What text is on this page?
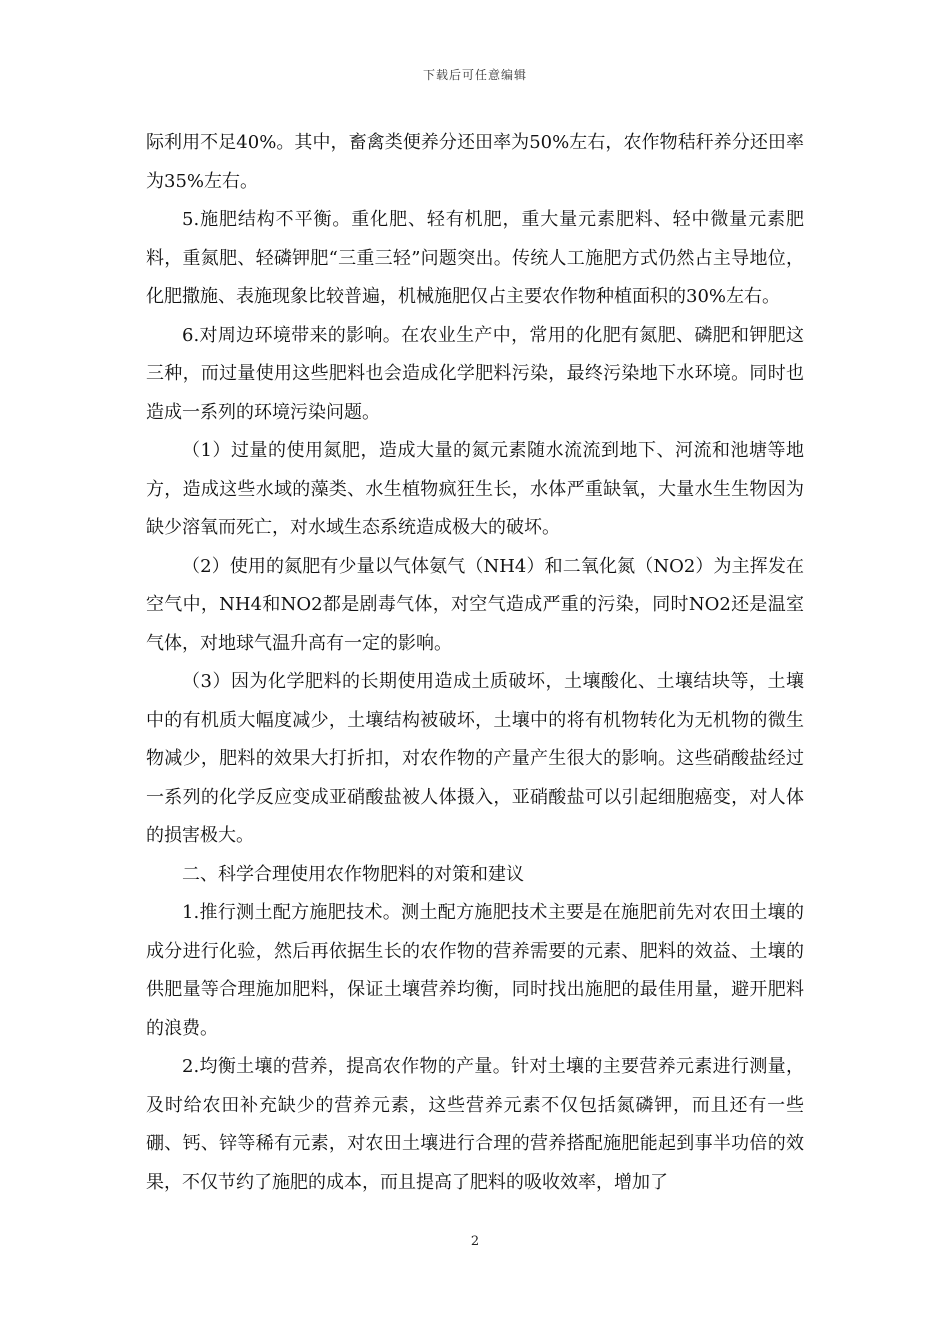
下载后可任意编辑

际利用不足40%。其中，畜禽类便养分还田率为50%左右，农作物秸秆养分还田率为35%左右。

5.施肥结构不平衡。重化肥、轻有机肥，重大量元素肥料、轻中微量元素肥料，重氮肥、轻磷钾肥“三重三轻”问题突出。传统人工施肥方式仍然占主导地位，化肥撒施、表施现象比较普遍，机械施肥仅占主要农作物种植面积的30%左右。

6.对周边环境带来的影响。在农业生产中，常用的化肥有氮肥、磷肥和钾肥这三种，而过量使用这些肥料也会造成化学肥料污染，最终污染地下水环境。同时也造成一系列的环境污染问题。

（1）过量的使用氮肥，造成大量的氮元素随水流流到地下、河流和池塘等地方，造成这些水域的藻类、水生植物疯狂生长，水体严重缺氧，大量水生生物因为缺少溶氧而死亡，对水域生态系统造成极大的破坏。

（2）使用的氮肥有少量以气体氨气（NH4）和二氧化氮（NO2）为主挥发在空气中，NH4和NO2都是剧毒气体，对空气造成严重的污染，同时NO2还是温室气体，对地球气温升高有一定的影响。

（3）因为化学肥料的长期使用造成土质破坏，土壤酸化、土壤结块等，土壤中的有机质大幅度减少，土壤结构被破坏，土壤中的将有机物转化为无机物的微生物减少，肥料的效果大打折扣，对农作物的产量产生很大的影响。这些硝酸盐经过一系列的化学反应变成亚硝酸盐被人体摄入，亚硝酸盐可以引起细胞癌变，对人体的损害极大。

二、科学合理使用农作物肥料的对策和建议

1.推行测土配方施肥技术。测土配方施肥技术主要是在施肥前先对农田土壤的成分进行化验，然后再依据生长的农作物的营养需要的元素、肥料的效益、土壤的供肥量等合理施加肥料，保证土壤营养均衡，同时找出施肥的最佳用量，避开肥料的浪费。

2.均衡土壤的营养，提高农作物的产量。针对土壤的主要营养元素进行测量，及时给农田补充缺少的营养元素，这些营养元素不仅包括氮磷钾，而且还有一些硼、钙、锌等稀有元素，对农田土壤进行合理的营养搭配施肥能起到事半功倍的效果，不仅节约了施肥的成本，而且提高了肥料的吸收效率，增加了

2
